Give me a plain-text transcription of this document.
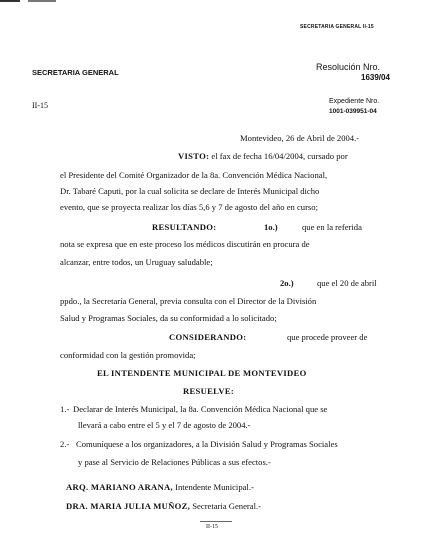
SECRETARIA GENERAL II-15
SECRETARIA GENERAL
Resolución Nro.
1639/04
Expediente Nro.
1001-039951-04
II-15
Montevideo, 26 de Abril de 2004.-
VISTO: el fax de fecha 16/04/2004, cursado por
el Presidente del Comité Organizador de la 8a. Convención Médica Nacional,
Dr. Tabaré Caputi, por la cual solicita se declare de Interés Municipal dicho
evento, que se proyecta realizar los días 5,6 y 7 de agosto del año en curso;
RESULTANDO:	1o.)	que en la referida
nota se expresa que en este proceso los médicos discutirán en procura de
alcanzar, entre todos, un Uruguay saludable;
2o.)	que el 20 de abril
ppdo., la Secretaría General, previa consulta con el Director de la División
Salud y Programas Sociales, da su conformidad a lo solicitado;
CONSIDERANDO:	que procede proveer de
conformidad con la gestión promovida;
EL INTENDENTE MUNICIPAL DE MONTEVIDEO
RESUELVE:
1.- Declarar de Interés Municipal, la 8a. Convención Médica Nacional que se
llevará a cabo entre el 5 y el 7 de agosto de 2004.-
2.- Comuníquese a los organizadores, a la División Salud y Programas Sociales
y pase al Servicio de Relaciones Públicas a sus efectos.-
ARQ. MARIANO ARANA, Intendente Municipal.-
DRA. MARIA JULIA MUÑOZ, Secretaria General.-
II-15
